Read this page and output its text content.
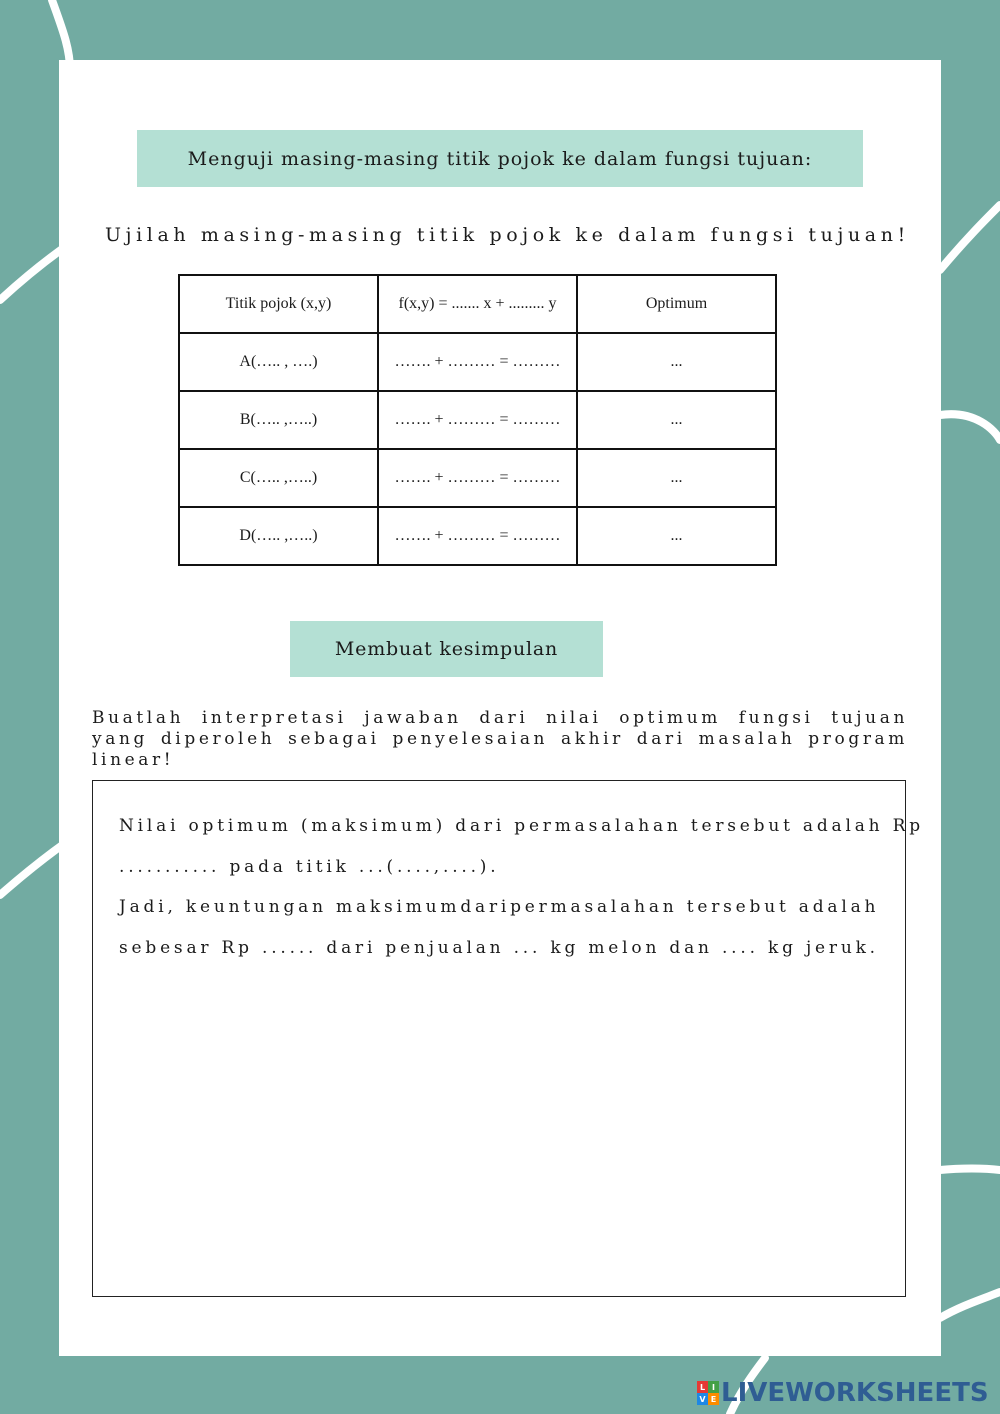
Menguji masing-masing titik pojok ke dalam fungsi tujuan:
Ujilah masing-masing titik pojok ke dalam fungsi tujuan!
Titik pojok (x,y)	f(x,y) = ....... x + ......... y	Optimum
A(….. , ….)	……. + ……… = ………	...
B(….. ,…..)	……. + ……… = ………	...
C(….. ,…..)	……. + ……… = ………	...
D(….. ,…..)	……. + ……… = ………	...
Membuat kesimpulan
Buatlah interpretasi jawaban dari nilai optimum fungsi tujuan yang diperoleh sebagai penyelesaian akhir dari masalah program linear!
Nilai optimum (maksimum) dari permasalahan tersebut adalah Rp
........... pada titik ...(....,....).
Jadi, keuntungan maksimumdaripermasalahan tersebut adalah
sebesar Rp ...... dari penjualan ... kg melon dan .... kg jeruk.
L I
V E LIVEWORKSHEETS
